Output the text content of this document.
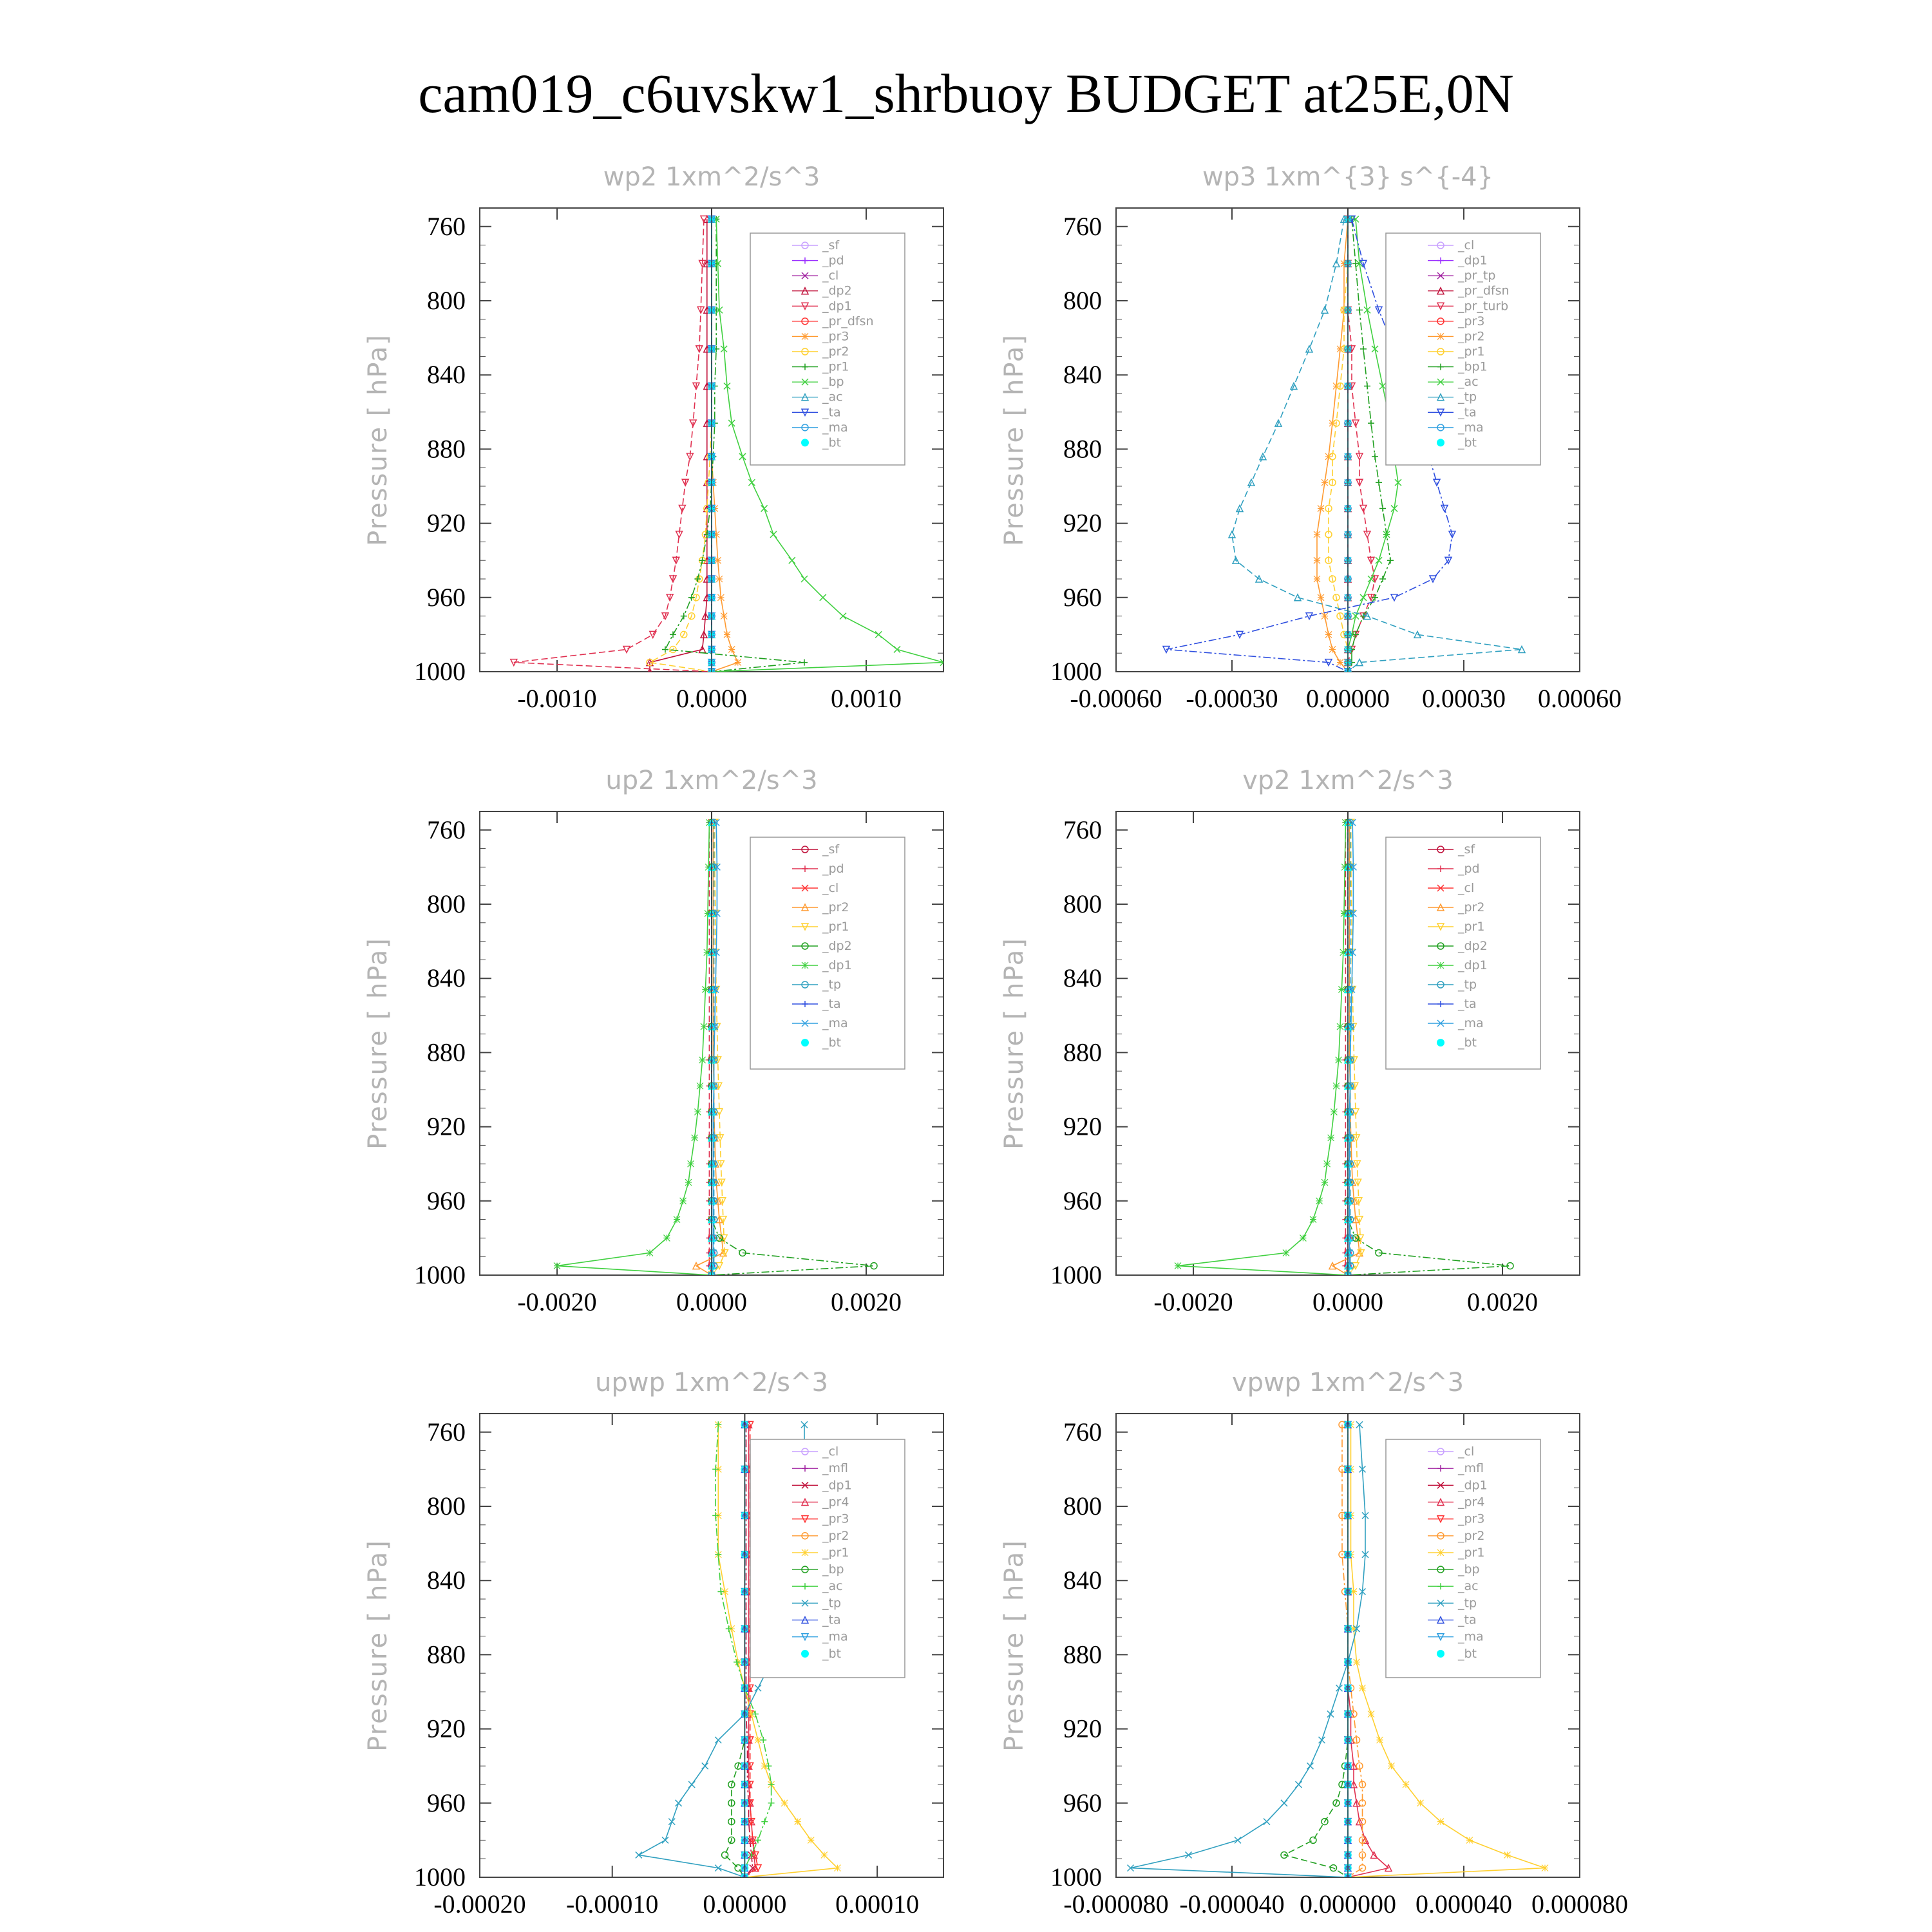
cam019_c6uvskw1_shrbuoy BUDGET at25E,0N
wp2 1xm^2/s^3
Pressure [ hPa]
760
800
840
880
920
960
1000
-0.0010	0.0000	0.0010
_sf
_pd
_cl
_dp2
_dp1
_pr_dfsn
_pr3
_pr2
_pr1
_bp
_ac
_ta
_ma
_bt
wp3 1xm^{3} s^{-4}
Pressure [ hPa]
760
800
840
880
920
960
1000
-0.00060 -0.00030 0.00000 0.00030 0.00060
_cl
_dp1
_pr_tp
_pr_dfsn
_pr_turb
_pr3
_pr2
_pr1
_bp1
_ac
_tp
_ta
_ma
_bt
up2 1xm^2/s^3
Pressure [ hPa]
760
800
840
880
920
960
1000
-0.0020	0.0000	0.0020
_sf
_pd
_cl
_pr2
_pr1
_dp2
_dp1
_tp
_ta
_ma
_bt
vp2 1xm^2/s^3
Pressure [ hPa]
760
800
840
880
920
960
1000
-0.0020	0.0000	0.0020
_sf
_pd
_cl
_pr2
_pr1
_dp2
_dp1
_tp
_ta
_ma
_bt
upwp 1xm^2/s^3
Pressure [ hPa]
760
800
840
880
920
960
1000
-0.00020 -0.00010 0.00000 0.00010
_cl
_mfl
_dp1
_pr4
_pr3
_pr2
_pr1
_bp
_ac
_tp
_ta
_ma
_bt
vpwp 1xm^2/s^3
Pressure [ hPa]
760
800
840
880
920
960
1000
-0.000080 -0.000040 0.000000 0.000040 0.000080
_cl
_mfl
_dp1
_pr4
_pr3
_pr2
_pr1
_bp
_ac
_tp
_ta
_ma
_bt
